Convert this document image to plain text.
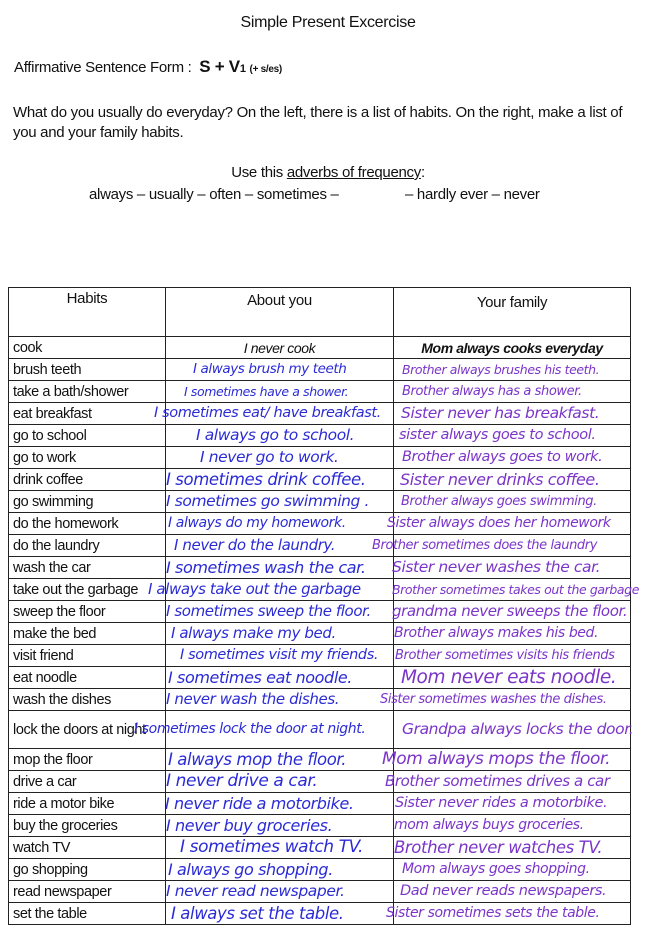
Simple Present Excercise
Affirmative Sentence Form : S + V1 (+ s/es)
What do you usually do everyday? On the left, there is a list of habits. On the right, make a list of you and your family habits.
Use this adverbs of frequency:
always – usually – often – sometimes –	– hardly ever – never
Habits	About you	Your family
cook	I never cook	Mom always cooks everyday
brush teeth	I always brush my teeth	Brother always brushes his teeth.

take a bath/shower	I sometimes have a shower.	Brother always has a shower.

eat breakfast	I sometimes eat/ have breakfast.	Sister never has breakfast.

go to school	I always go to school.	sister always goes to school.

go to work	I never go to work.	Brother always goes to work.

drink coffee	I sometimes drink coffee.	Sister never drinks coffee.

go swimming	I sometimes go swimming .	Brother always goes swimming.

do the homework	I always do my homework.	Sister always does her homework

do the laundry	I never do the laundry.	Brother sometimes does the laundry

wash the car	I sometimes wash the car.	Sister never washes the car.

take out the garbage	I always take out the garbage	Brother sometimes takes out the garbage

sweep the floor	I sometimes sweep the floor.	grandma never sweeps the floor.

make the bed	I always make my bed.	Brother always makes his bed.

visit friend	I sometimes visit my friends.	Brother sometimes visits his friends

eat noodle	I sometimes eat noodle.	Mom never eats noodle.

wash the dishes	I never wash the dishes.	Sister sometimes washes the dishes.

lock the doors at night	I sometimes lock the door at night.	Grandpa always locks the door.

mop the floor	I always mop the floor.	Mom always mops the floor.

drive a car	I never drive a car.	Brother sometimes drives a car

ride a motor bike	I never ride a motorbike.	Sister never rides a motorbike.

buy the groceries	I never buy groceries.	mom always buys groceries.

watch TV	I sometimes watch TV.	Brother never watches TV.

go shopping	I always go shopping.	Mom always goes shopping.

read newspaper	I never read newspaper.	Dad never reads newspapers.

set the table	I always set the table.	Sister sometimes sets the table.
